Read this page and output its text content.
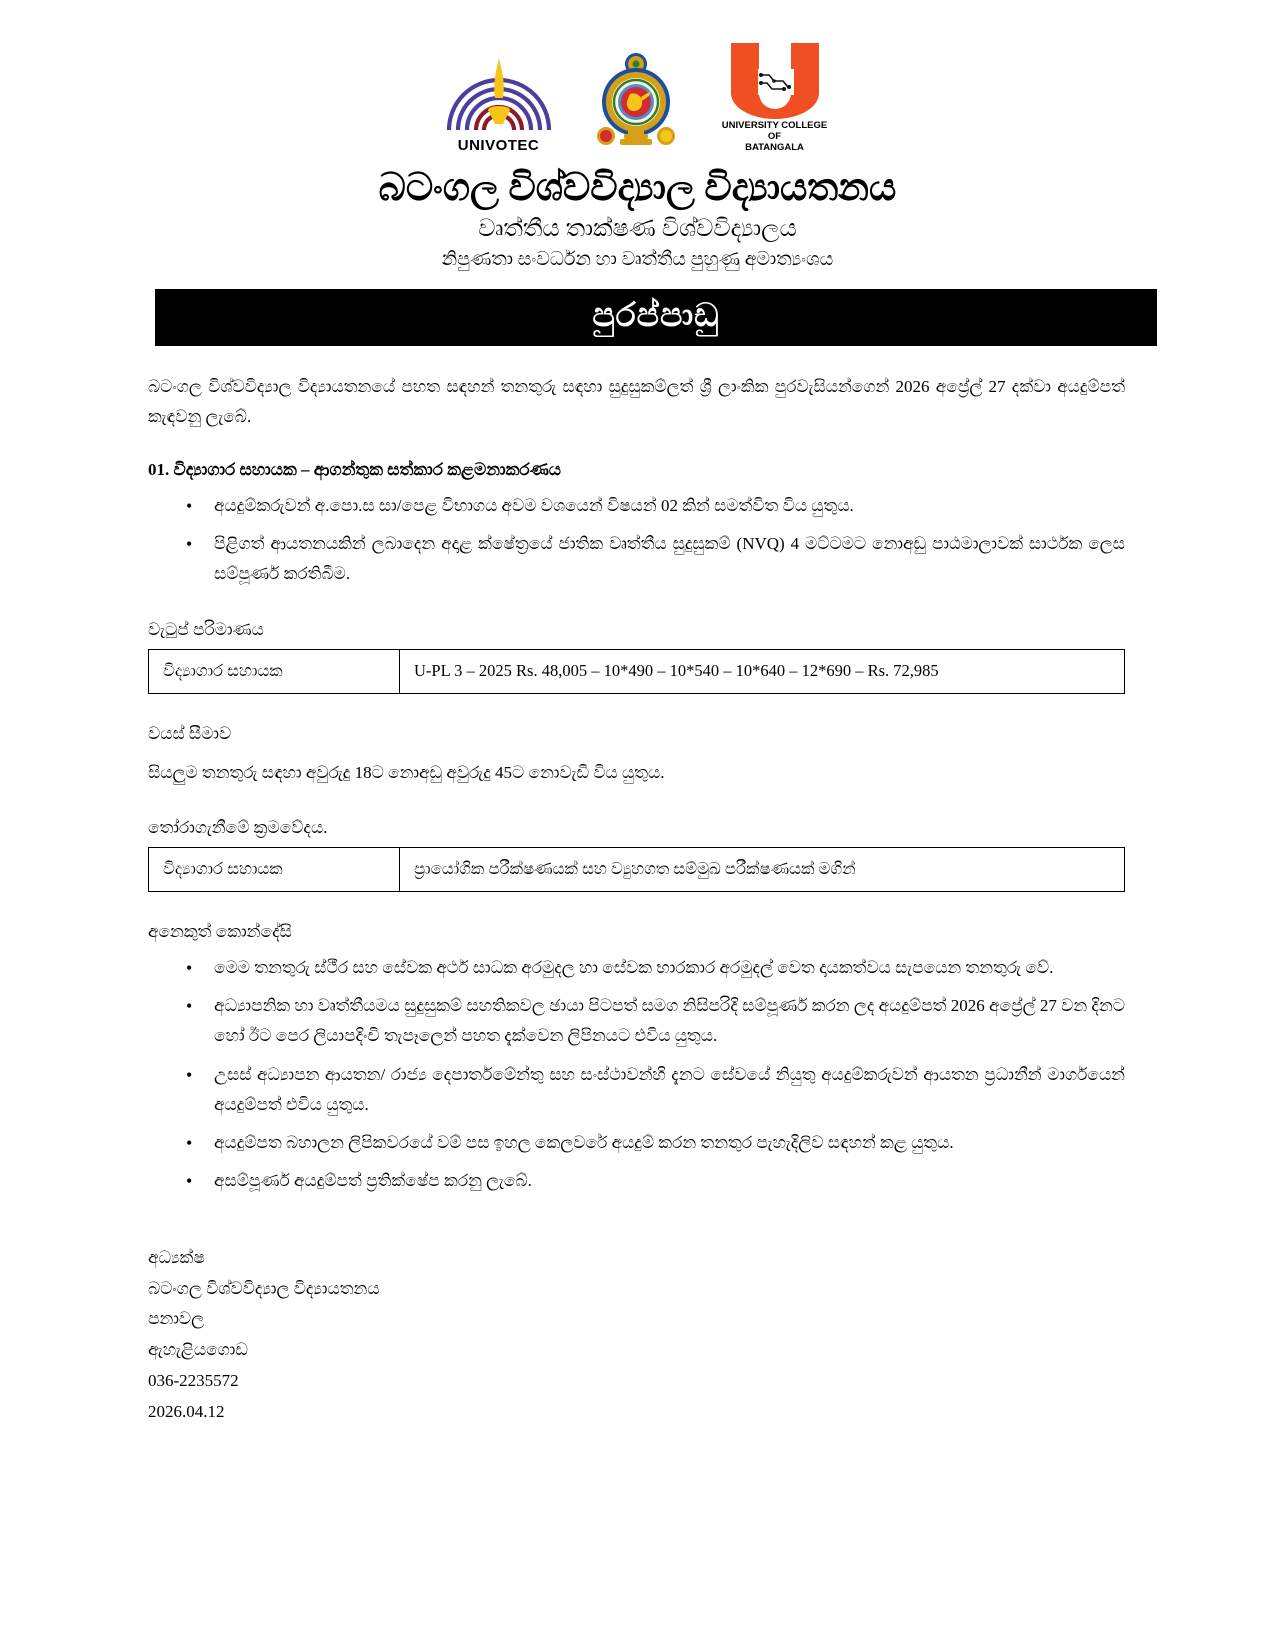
UNIVOTEC
UNIVERSITY COLLEGE OF
BATANGALA
බටංගල විශ්වවිද්‍යාල විද්‍යායතනය
වෘත්තීය තාක්ෂණ විශ්වවිද්‍යාලය
නිපුණතා සංවර්ධන හා වෘත්තීය පුහුණු අමාත්‍යංශය
පුරප්පාඩු
බටංගල විශ්වවිද්‍යාල විද්‍යායතනයේ පහත සඳහන් තනතුරු සඳහා සුදුසුකම්ලත් ශ්‍රී ලාංකික පුරවැසියන්ගෙන් 2026 අප්‍රේල් 27 දක්වා අයදුම්පත් කැඳවනු ලැබේ.
01. විද්‍යාගාර සහායක – ආගන්තුක සත්කාර කළමනාකරණය
• අයදුම්කරුවන් අ.පො.ස සා/පෙළ විභාගය අවම වශයෙන් විෂයන් 02 කින් සමත්විත විය යුතුය.
• පිළිගත් ආයතනයකින් ලබාදෙන අදාළ ක්ෂේත්‍රයේ ජාතික වෘත්තීය සුදුසුකම් (NVQ) 4 මට්ටමට නොඅඩු පාඨමාලාවක් සාර්ථක ලෙස සම්පූර්ණ කරතිබීම.
වැටුප් පරිමාණය
විද්‍යාගාර සහායක	U-PL 3 – 2025 Rs. 48,005 – 10*490 – 10*540 – 10*640 – 12*690 – Rs. 72,985
වයස් සීමාව
සියලුම තනතුරු සඳහා අවුරුදු 18ට නොඅඩු අවුරුදු 45ට නොවැඩි විය යුතුය.
තෝරාගැනීමේ ක්‍රමවේදය.
විද්‍යාගාර සහායක	ප්‍රායෝගික පරීක්ෂණයක් සහ ව්‍යුහගත සම්මුඛ පරීක්ෂණයක් මගින්
අනෙකුත් කොන්දේසි
• මෙම තනතුරු ස්ථීර සහ සේවක අර්ථ සාධක අරමුදල හා සේවක භාරකාර අරමුදල් වෙත දායකත්වය සැපයෙන තනතුරු වේ.
• අධ්‍යාපනික හා වෘත්තීයමය සුදුසුකම් සහතිකවල ඡායා පිටපත් සමග නිසිපරිදි සම්පූර්ණ කරන ලද අයදුම්පත් 2026 අප්‍රේල් 27 වන දිනට හෝ ඊට පෙර ලියාපදිංචි තැපෑලෙන් පහත දැක්වෙන ලිපිනයට එවිය යුතුය.
• උසස් අධ්‍යාපන ආයතන/ රාජ්‍ය දෙපාර්තමේන්තු සහ සංස්ථාවන්හි දැනට සේවයේ නියුතු අයදුම්කරුවන් ආයතන ප්‍රධානීන් මාර්ගයෙන් අයදුම්පත් එවිය යුතුය.
• අයදුම්පත බහාලන ලිපිකවරයේ වම් පස ඉහල කෙලවරේ අයදුම් කරන තනතුර පැහැදිලිව සඳහන් කළ යුතුය.
• අසම්පූර්ණ අයදුම්පත් ප්‍රතික්ෂේප කරනු ලැබේ.
අධ්‍යක්ෂ
බටංගල විශ්වවිද්‍යාල විද්‍යායතනය
පනාවල
ඇහැළියගොඩ
036-2235572
2026.04.12
